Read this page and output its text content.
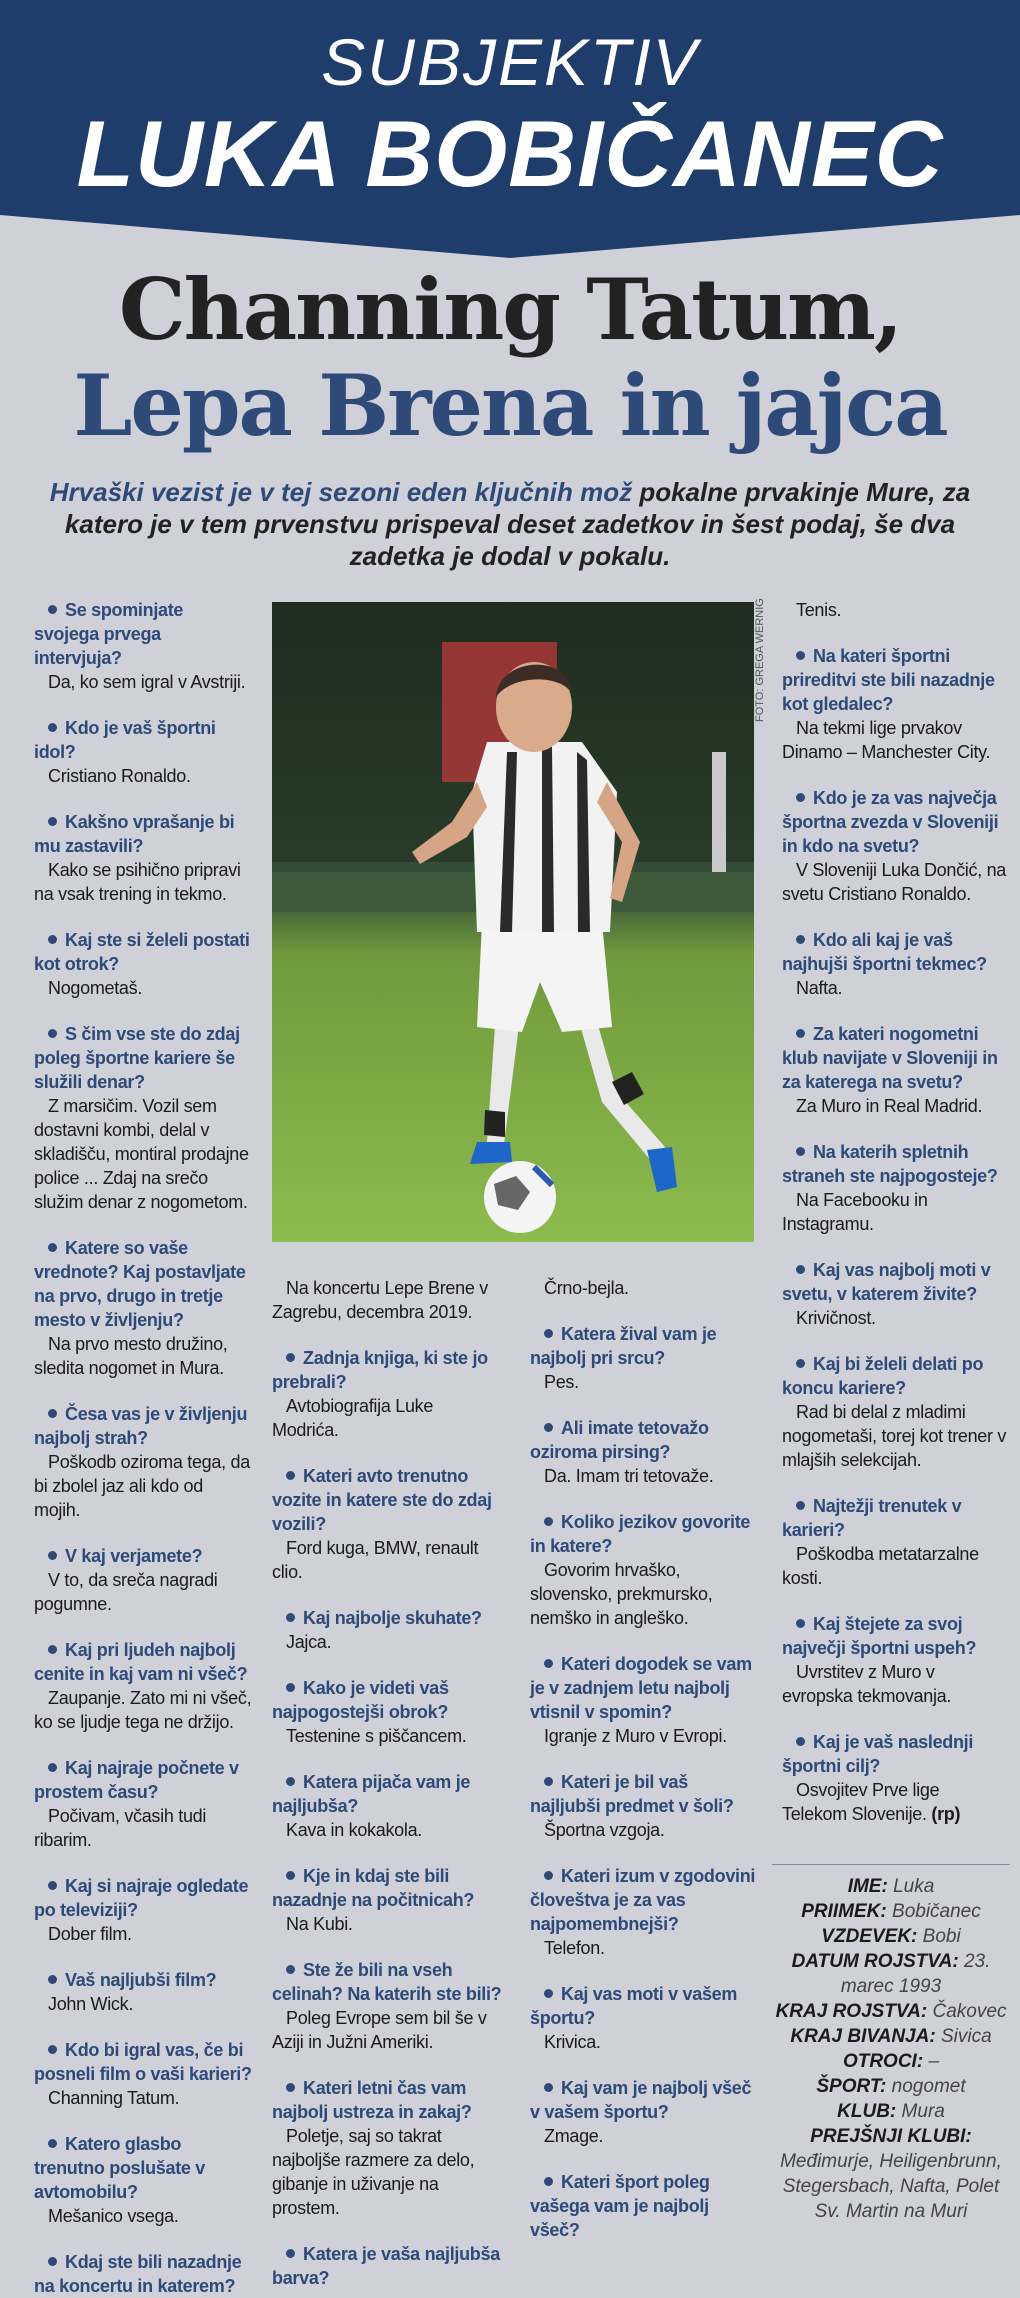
SUBJEKTIV
LUKA BOBIČANEC
Channing Tatum,
Lepa Brena in jajca
Hrvaški vezist je v tej sezoni eden ključnih mož pokalne prvakinje Mure, za katero je v tem prvenstvu prispeval deset zadetkov in šest podaj, še dva zadetka je dodal v pokalu.
Se spominjate svojega prvega intervjuja?
Da, ko sem igral v Avstriji.
Kdo je vaš športni idol?
Cristiano Ronaldo.
Kakšno vprašanje bi mu zastavili?
Kako se psihično pripravi na vsak trening in tekmo.
Kaj ste si želeli postati kot otrok?
Nogometaš.
S čim vse ste do zdaj poleg športne kariere še služili denar?
Z marsičim. Vozil sem dostavni kombi, delal v skladišču, montiral prodajne police ... Zdaj na srečo služim denar z nogometom.
Katere so vaše vrednote? Kaj postavljate na prvo, drugo in tretje mesto v življenju?
Na prvo mesto družino, sledita nogomet in Mura.
Česa vas je v življenju najbolj strah?
Poškodb oziroma tega, da bi zbolel jaz ali kdo od mojih.
V kaj verjamete?
V to, da sreča nagradi pogumne.
Kaj pri ljudeh najbolj cenite in kaj vam ni všeč?
Zaupanje. Zato mi ni všeč, ko se ljudje tega ne držijo.
Kaj najraje počnete v prostem času?
Počivam, včasih tudi ribarim.
Kaj si najraje ogledate po televiziji?
Dober film.
Vaš najljubši film?
John Wick.
Kdo bi igral vas, če bi posneli film o vaši karieri?
Channing Tatum.
Katero glasbo trenutno poslušate v avtomobilu?
Mešanico vsega.
Kdaj ste bili nazadnje na koncertu in katerem?
FOTO: GREGA WERNIG
Na koncertu Lepe Brene v Zagrebu, decembra 2019.
Zadnja knjiga, ki ste jo prebrali?
Avtobiografija Luke Modrića.
Kateri avto trenutno vozite in katere ste do zdaj vozili?
Ford kuga, BMW, renault clio.
Kaj najbolje skuhate?
Jajca.
Kako je videti vaš najpogostejši obrok?
Testenine s piščancem.
Katera pijača vam je najljubša?
Kava in kokakola.
Kje in kdaj ste bili nazadnje na počitnicah?
Na Kubi.
Ste že bili na vseh celinah? Na katerih ste bili?
Poleg Evrope sem bil še v Aziji in Južni Ameriki.
Kateri letni čas vam najbolj ustreza in zakaj?
Poletje, saj so takrat najboljše razmere za delo, gibanje in uživanje na prostem.
Katera je vaša najljubša barva?
Črno-bejla.
Katera žival vam je najbolj pri srcu?
Pes.
Ali imate tetovažo oziroma pirsing?
Da. Imam tri tetovaže.
Koliko jezikov govorite in katere?
Govorim hrvaško, slovensko, prekmursko, nemško in angleško.
Kateri dogodek se vam je v zadnjem letu najbolj vtisnil v spomin?
Igranje z Muro v Evropi.
Kateri je bil vaš najljubši predmet v šoli?
Športna vzgoja.
Kateri izum v zgodovini človeštva je za vas najpomembnejši?
Telefon.
Kaj vas moti v vašem športu?
Krivica.
Kaj vam je najbolj všeč v vašem športu?
Zmage.
Kateri šport poleg vašega vam je najbolj všeč?
Tenis.
Na kateri športni prireditvi ste bili nazadnje kot gledalec?
Na tekmi lige prvakov Dinamo – Manchester City.
Kdo je za vas največja športna zvezda v Sloveniji in kdo na svetu?
V Sloveniji Luka Dončić, na svetu Cristiano Ronaldo.
Kdo ali kaj je vaš najhujši športni tekmec?
Nafta.
Za kateri nogometni klub navijate v Sloveniji in za katerega na svetu?
Za Muro in Real Madrid.
Na katerih spletnih straneh ste najpogosteje?
Na Facebooku in Instagramu.
Kaj vas najbolj moti v svetu, v katerem živite?
Krivičnost.
Kaj bi želeli delati po koncu kariere?
Rad bi delal z mladimi nogometaši, torej kot trener v mlajših selekcijah.
Najtežji trenutek v karieri?
Poškodba metatarzalne kosti.
Kaj štejete za svoj največji športni uspeh?
Uvrstitev z Muro v evropska tekmovanja.
Kaj je vaš naslednji športni cilj?
Osvojitev Prve lige Telekom Slovenije. (rp)
IME: Luka
PRIIMEK: Bobičanec
VZDEVEK: Bobi
DATUM ROJSTVA: 23. marec 1993
KRAJ ROJSTVA: Čakovec
KRAJ BIVANJA: Sivica
OTROCI: –
ŠPORT: nogomet
KLUB: Mura
PREJŠNJI KLUBI: Međimurje, Heiligenbrunn, Stegersbach, Nafta, Polet Sv. Martin na Muri
